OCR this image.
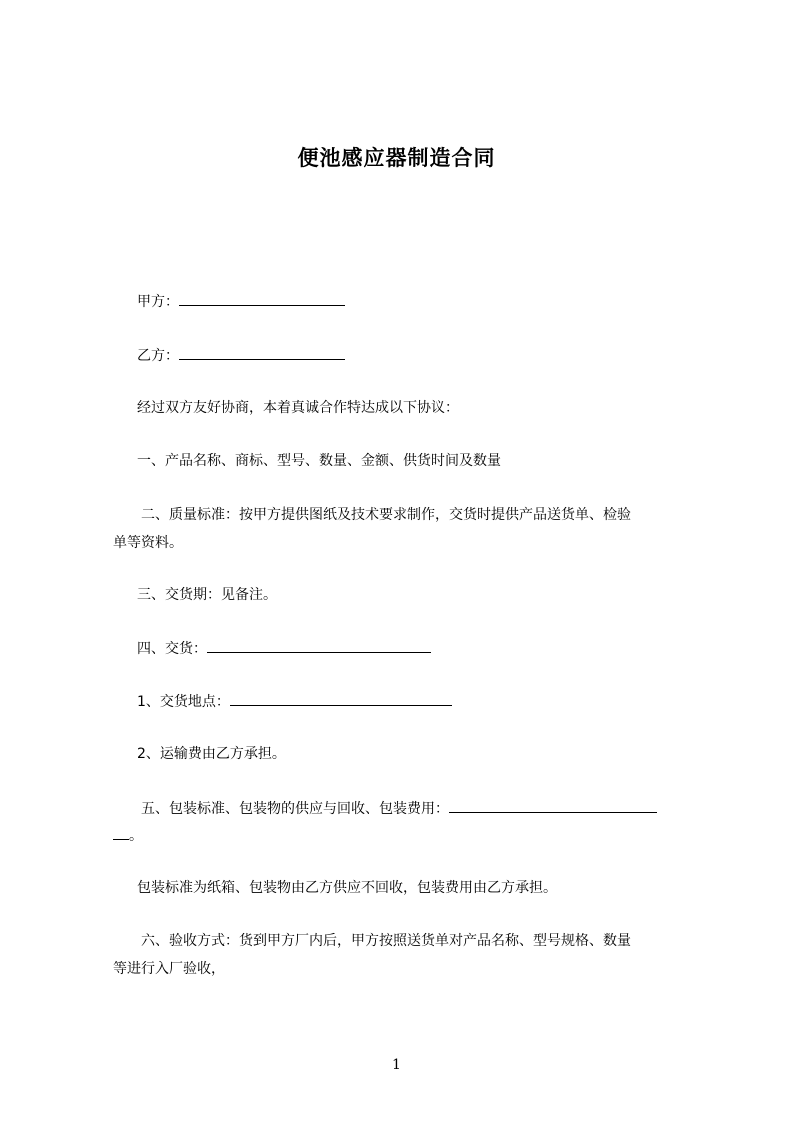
便池感应器制造合同
甲方：
乙方：
经过双方友好协商，本着真诚合作特达成以下协议：
一、产品名称、商标、型号、数量、金额、供货时间及数量
二、质量标准：按甲方提供图纸及技术要求制作，交货时提供产品送货单、检验
单等资料。
三、交货期：见备注。
四、交货：
1、交货地点：
2、运输费由乙方承担。
五、包装标准、包装物的供应与回收、包装费用：
。
包装标准为纸箱、包装物由乙方供应不回收，包装费用由乙方承担。
六、验收方式：货到甲方厂内后，甲方按照送货单对产品名称、型号规格、数量
等进行入厂验收，
1
